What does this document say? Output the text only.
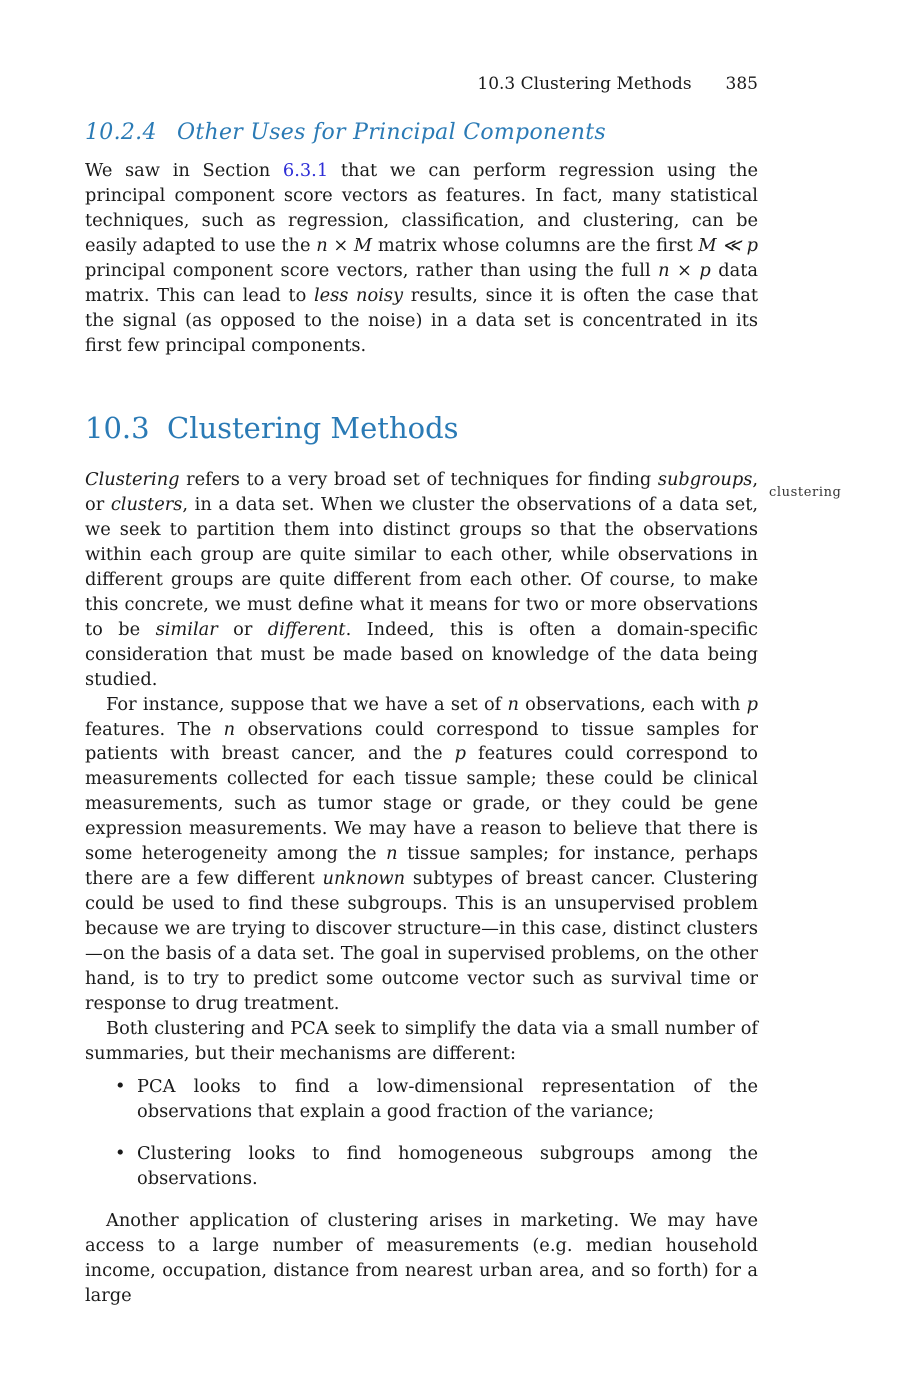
10.3 Clustering Methods 385
10.2.4 Other Uses for Principal Components

We saw in Section 6.3.1 that we can perform regression using the principal component score vectors as features. In fact, many statistical techniques, such as regression, classification, and clustering, can be easily adapted to use the n × M matrix whose columns are the first M ≪ p principal component score vectors, rather than using the full n × p data matrix. This can lead to less noisy results, since it is often the case that the signal (as opposed to the noise) in a data set is concentrated in its first few principal components.

10.3 Clustering Methods
clustering

Clustering refers to a very broad set of techniques for finding subgroups, or clusters, in a data set. When we cluster the observations of a data set, we seek to partition them into distinct groups so that the observations within each group are quite similar to each other, while observations in different groups are quite different from each other. Of course, to make this concrete, we must define what it means for two or more observations to be similar or different. Indeed, this is often a domain-specific consideration that must be made based on knowledge of the data being studied.

For instance, suppose that we have a set of n observations, each with p features. The n observations could correspond to tissue samples for patients with breast cancer, and the p features could correspond to measurements collected for each tissue sample; these could be clinical measurements, such as tumor stage or grade, or they could be gene expression measurements. We may have a reason to believe that there is some heterogeneity among the n tissue samples; for instance, perhaps there are a few different unknown subtypes of breast cancer. Clustering could be used to find these subgroups. This is an unsupervised problem because we are trying to discover structure—in this case, distinct clusters—on the basis of a data set. The goal in supervised problems, on the other hand, is to try to predict some outcome vector such as survival time or response to drug treatment.

Both clustering and PCA seek to simplify the data via a small number of summaries, but their mechanisms are different:

• PCA looks to find a low-dimensional representation of the observations that explain a good fraction of the variance;
• Clustering looks to find homogeneous subgroups among the observations.

Another application of clustering arises in marketing. We may have access to a large number of measurements (e.g. median household income, occupation, distance from nearest urban area, and so forth) for a large
